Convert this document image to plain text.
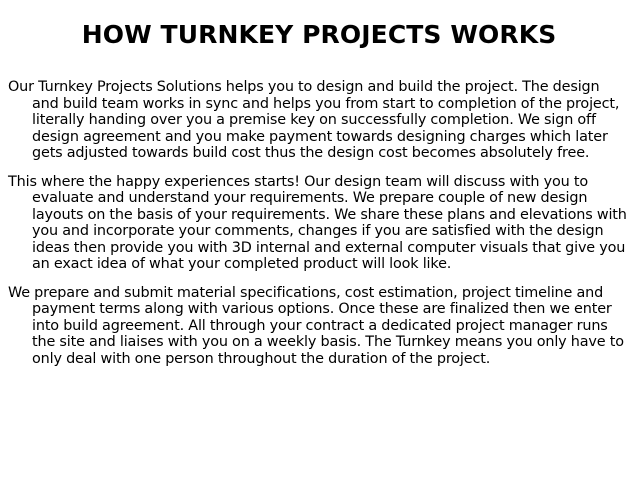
HOW TURNKEY PROJECTS WORKS

Our Turnkey Projects Solutions helps you to design and build the project. The design and build team works in sync and helps you from start to completion of the project, literally handing over you a premise key on successfully completion. We sign off design agreement and you make payment towards designing charges which later gets adjusted towards build cost thus the design cost becomes absolutely free.

This where the happy experiences starts! Our design team will discuss with you to evaluate and understand your requirements. We prepare couple of new design layouts on the basis of your requirements. We share these plans and elevations with you and incorporate your comments, changes if you are satisfied with the design ideas then provide you with 3D internal and external computer visuals that give you an exact idea of what your completed product will look like.

We prepare and submit material specifications, cost estimation, project timeline and payment terms along with various options. Once these are finalized then we enter into build agreement. All through your contract a dedicated project manager runs the site and liaises with you on a weekly basis. The Turnkey means you only have to only deal with one person throughout the duration of the project.
